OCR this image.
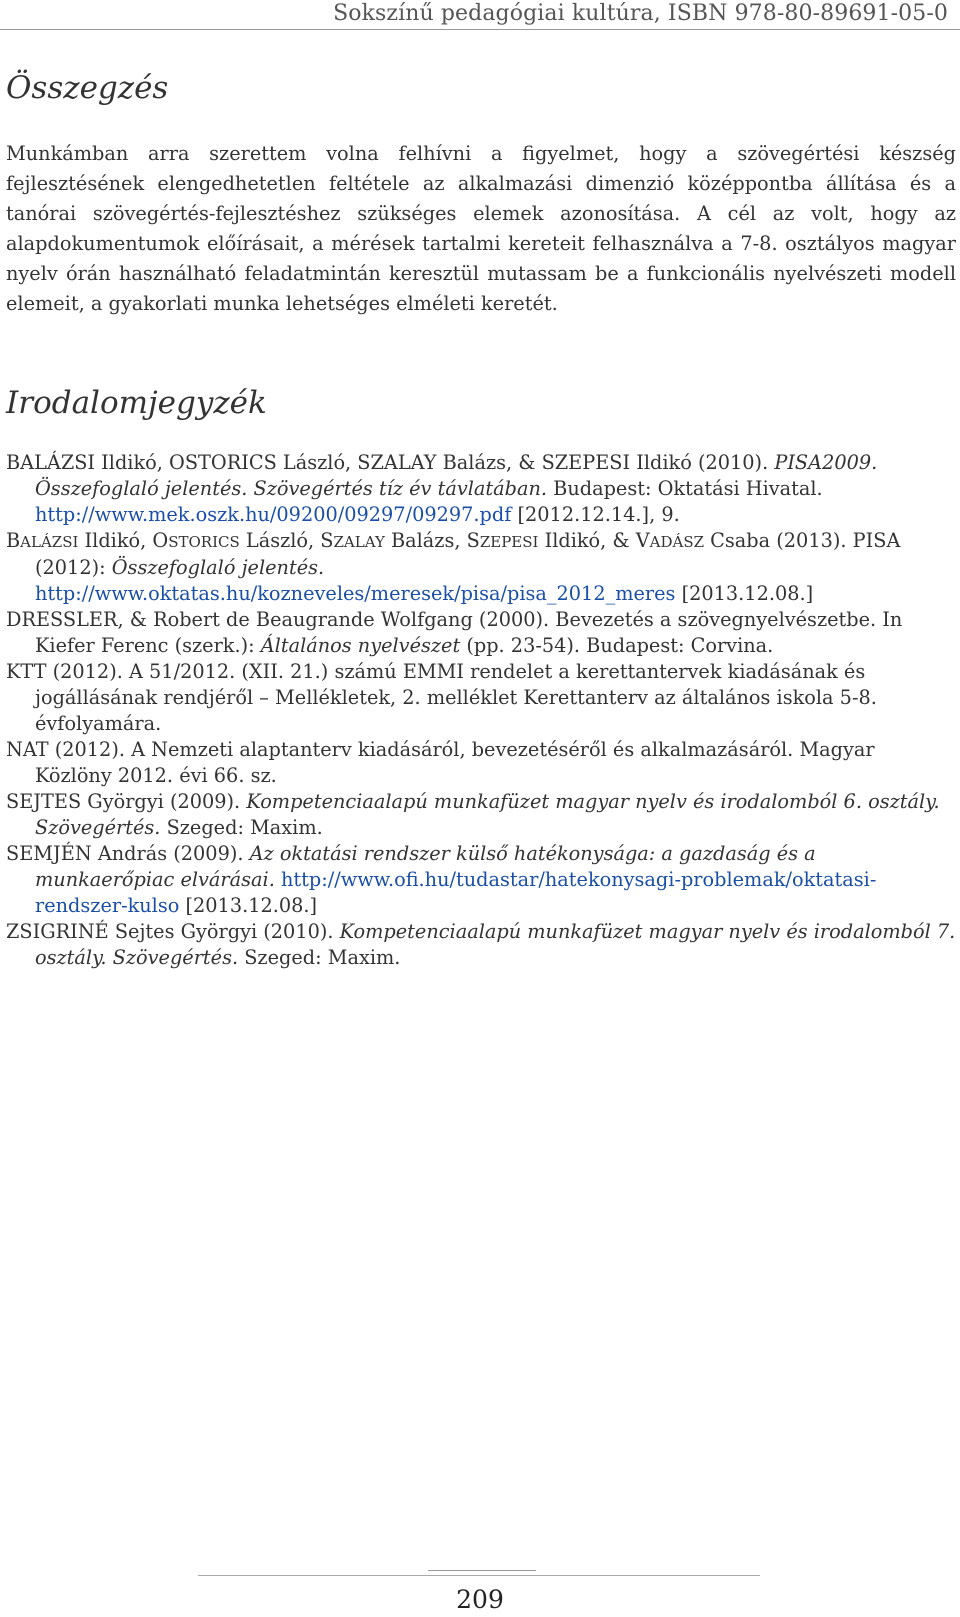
Sokszínű pedagógiai kultúra, ISBN 978-80-89691-05-0
Összegzés

Munkámban arra szerettem volna felhívni a figyelmet, hogy a szövegértési készség fejlesztésének elengedhetetlen feltétele az alkalmazási dimenzió középpontba állítása és a tanórai szövegértés-fejlesztéshez szükséges elemek azonosítása. A cél az volt, hogy az alapdokumentumok előírásait, a mérések tartalmi kereteit felhasználva a 7-8. osztályos magyar nyelv órán használható feladatmintán keresztül mutassam be a funkcionális nyelvészeti modell elemeit, a gyakorlati munka lehetséges elméleti keretét.

Irodalomjegyzék
BALÁZSI Ildikó, OSTORICS László, SZALAY Balázs, & SZEPESI Ildikó (2010). PISA2009. Összefoglaló jelentés. Szövegértés tíz év távlatában. Budapest: Oktatási Hivatal. http://www.mek.oszk.hu/09200/09297/09297.pdf [2012.12.14.], 9.
BALÁZSI Ildikó, OSTORICS László, SZALAY Balázs, SZEPESI Ildikó, & VADÁSZ Csaba (2013). PISA (2012): Összefoglaló jelentés.
http://www.oktatas.hu/kozneveles/meresek/pisa/pisa_2012_meres [2013.12.08.]
DRESSLER, & Robert de Beaugrande Wolfgang (2000). Bevezetés a szövegnyelvészetbe. In Kiefer Ferenc (szerk.): Általános nyelvészet (pp. 23-54). Budapest: Corvina.
KTT (2012). A 51/2012. (XII. 21.) számú EMMI rendelet a kerettantervek kiadásának és jogállásának rendjéről – Mellékletek, 2. melléklet Kerettanterv az általános iskola 5-8. évfolyamára.
NAT (2012). A Nemzeti alaptanterv kiadásáról, bevezetéséről és alkalmazásáról. Magyar Közlöny 2012. évi 66. sz.
SEJTES Györgyi (2009). Kompetenciaalapú munkafüzet magyar nyelv és irodalomból 6. osztály. Szövegértés. Szeged: Maxim.
SEMJÉN András (2009). Az oktatási rendszer külső hatékonysága: a gazdaság és a munkaerőpiac elvárásai. http://www.ofi.hu/tudastar/hatekonysagi-problemak/oktatasi-rendszer-kulso [2013.12.08.]
ZSIGRINÉ Sejtes Györgyi (2010). Kompetenciaalapú munkafüzet magyar nyelv és irodalomból 7. osztály. Szövegértés. Szeged: Maxim.
209
